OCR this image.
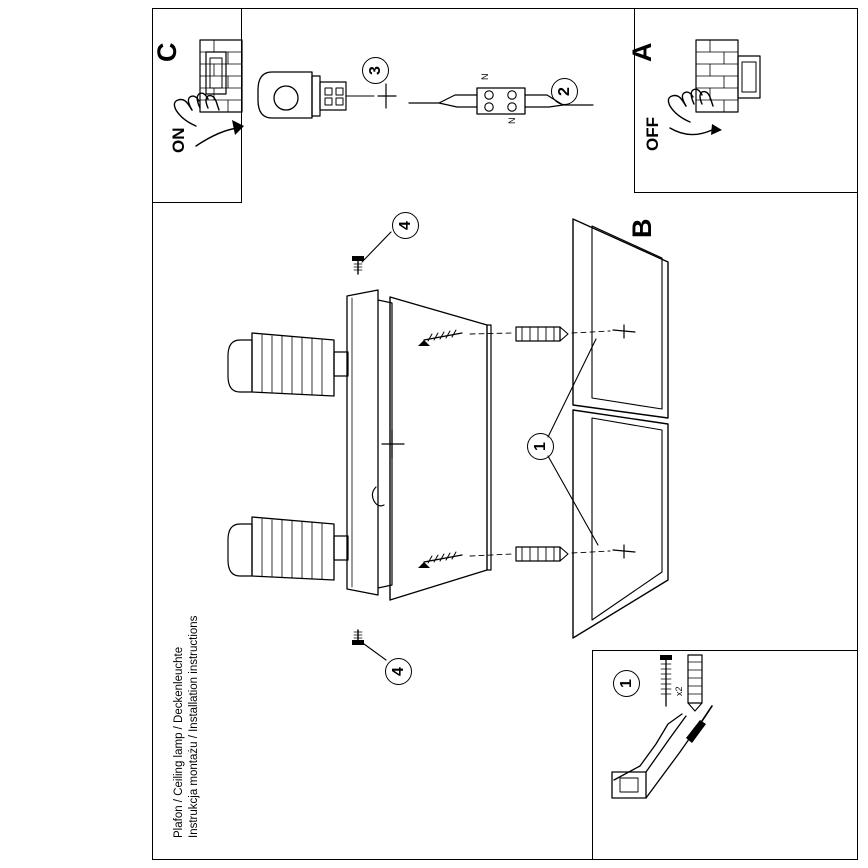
A
OFF
C
ON
B
Instrukcja montażu / Installation instructions
Plafon / Ceiling lamp / Deckenleuchte
4
4
1
1
2
3
x2
N
N
